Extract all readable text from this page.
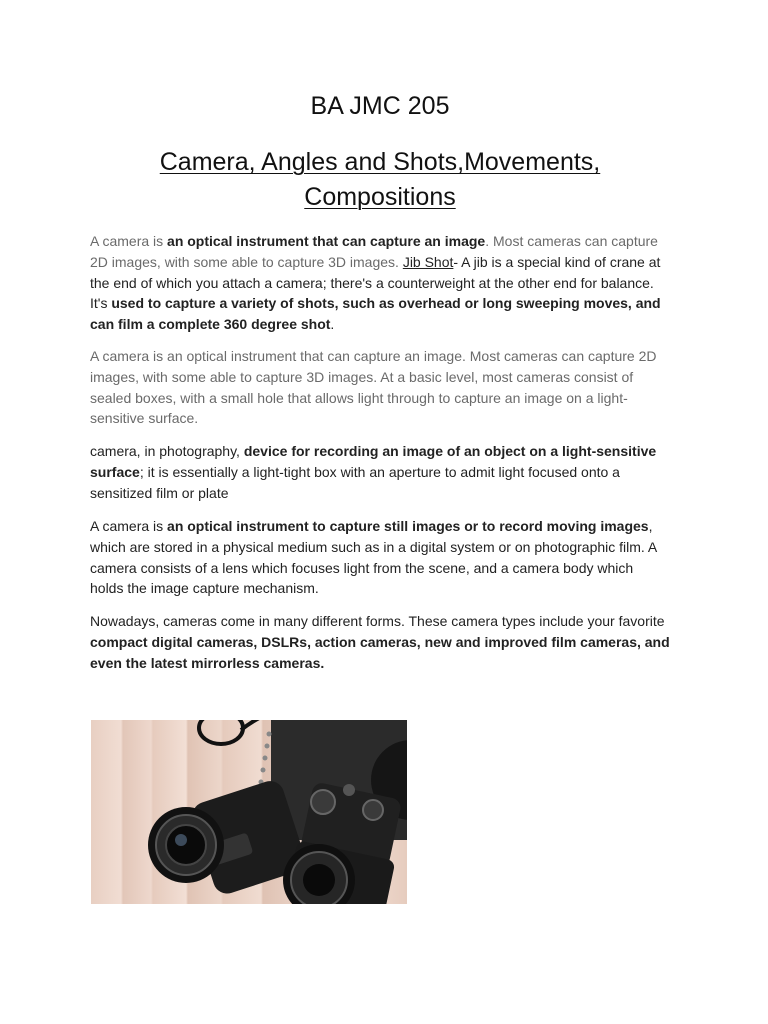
BA JMC 205
Camera, Angles and Shots,Movements,
Compositions

A camera is an optical instrument that can capture an image. Most cameras can capture 2D images, with some able to capture 3D images. Jib Shot- A jib is a special kind of crane at the end of which you attach a camera; there's a counterweight at the other end for balance. It's used to capture a variety of shots, such as overhead or long sweeping moves, and can film a complete 360 degree shot.

A camera is an optical instrument that can capture an image. Most cameras can capture 2D images, with some able to capture 3D images. At a basic level, most cameras consist of sealed boxes, with a small hole that allows light through to capture an image on a light-sensitive surface.

camera, in photography, device for recording an image of an object on a light-sensitive surface; it is essentially a light-tight box with an aperture to admit light focused onto a sensitized film or plate

A camera is an optical instrument to capture still images or to record moving images, which are stored in a physical medium such as in a digital system or on photographic film. A camera consists of a lens which focuses light from the scene, and a camera body which holds the image capture mechanism.

Nowadays, cameras come in many different forms. These camera types include your favorite compact digital cameras, DSLRs, action cameras, new and improved film cameras, and even the latest mirrorless cameras.
